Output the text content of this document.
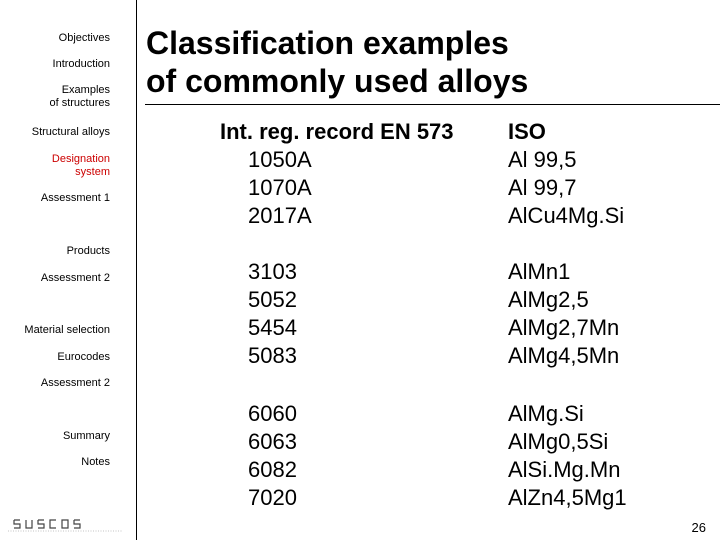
Objectives
Introduction
Examples
of structures
Structural alloys
Designation
system
Assessment 1
Products
Assessment 2
Material selection
Eurocodes
Assessment 2
Summary
Notes
Classification examples
of commonly used alloys
Int. reg. record EN 573
1050A
1070A
2017A
3103
5052
5454
5083
6060
6063
6082
7020
ISO
Al 99,5
Al 99,7
AlCu4Mg.Si
AlMn1
AlMg2,5
AlMg2,7Mn
AlMg4,5Mn
AlMg.Si
AlMg0,5Si
AlSi.Mg.Mn
AlZn4,5Mg1
26
